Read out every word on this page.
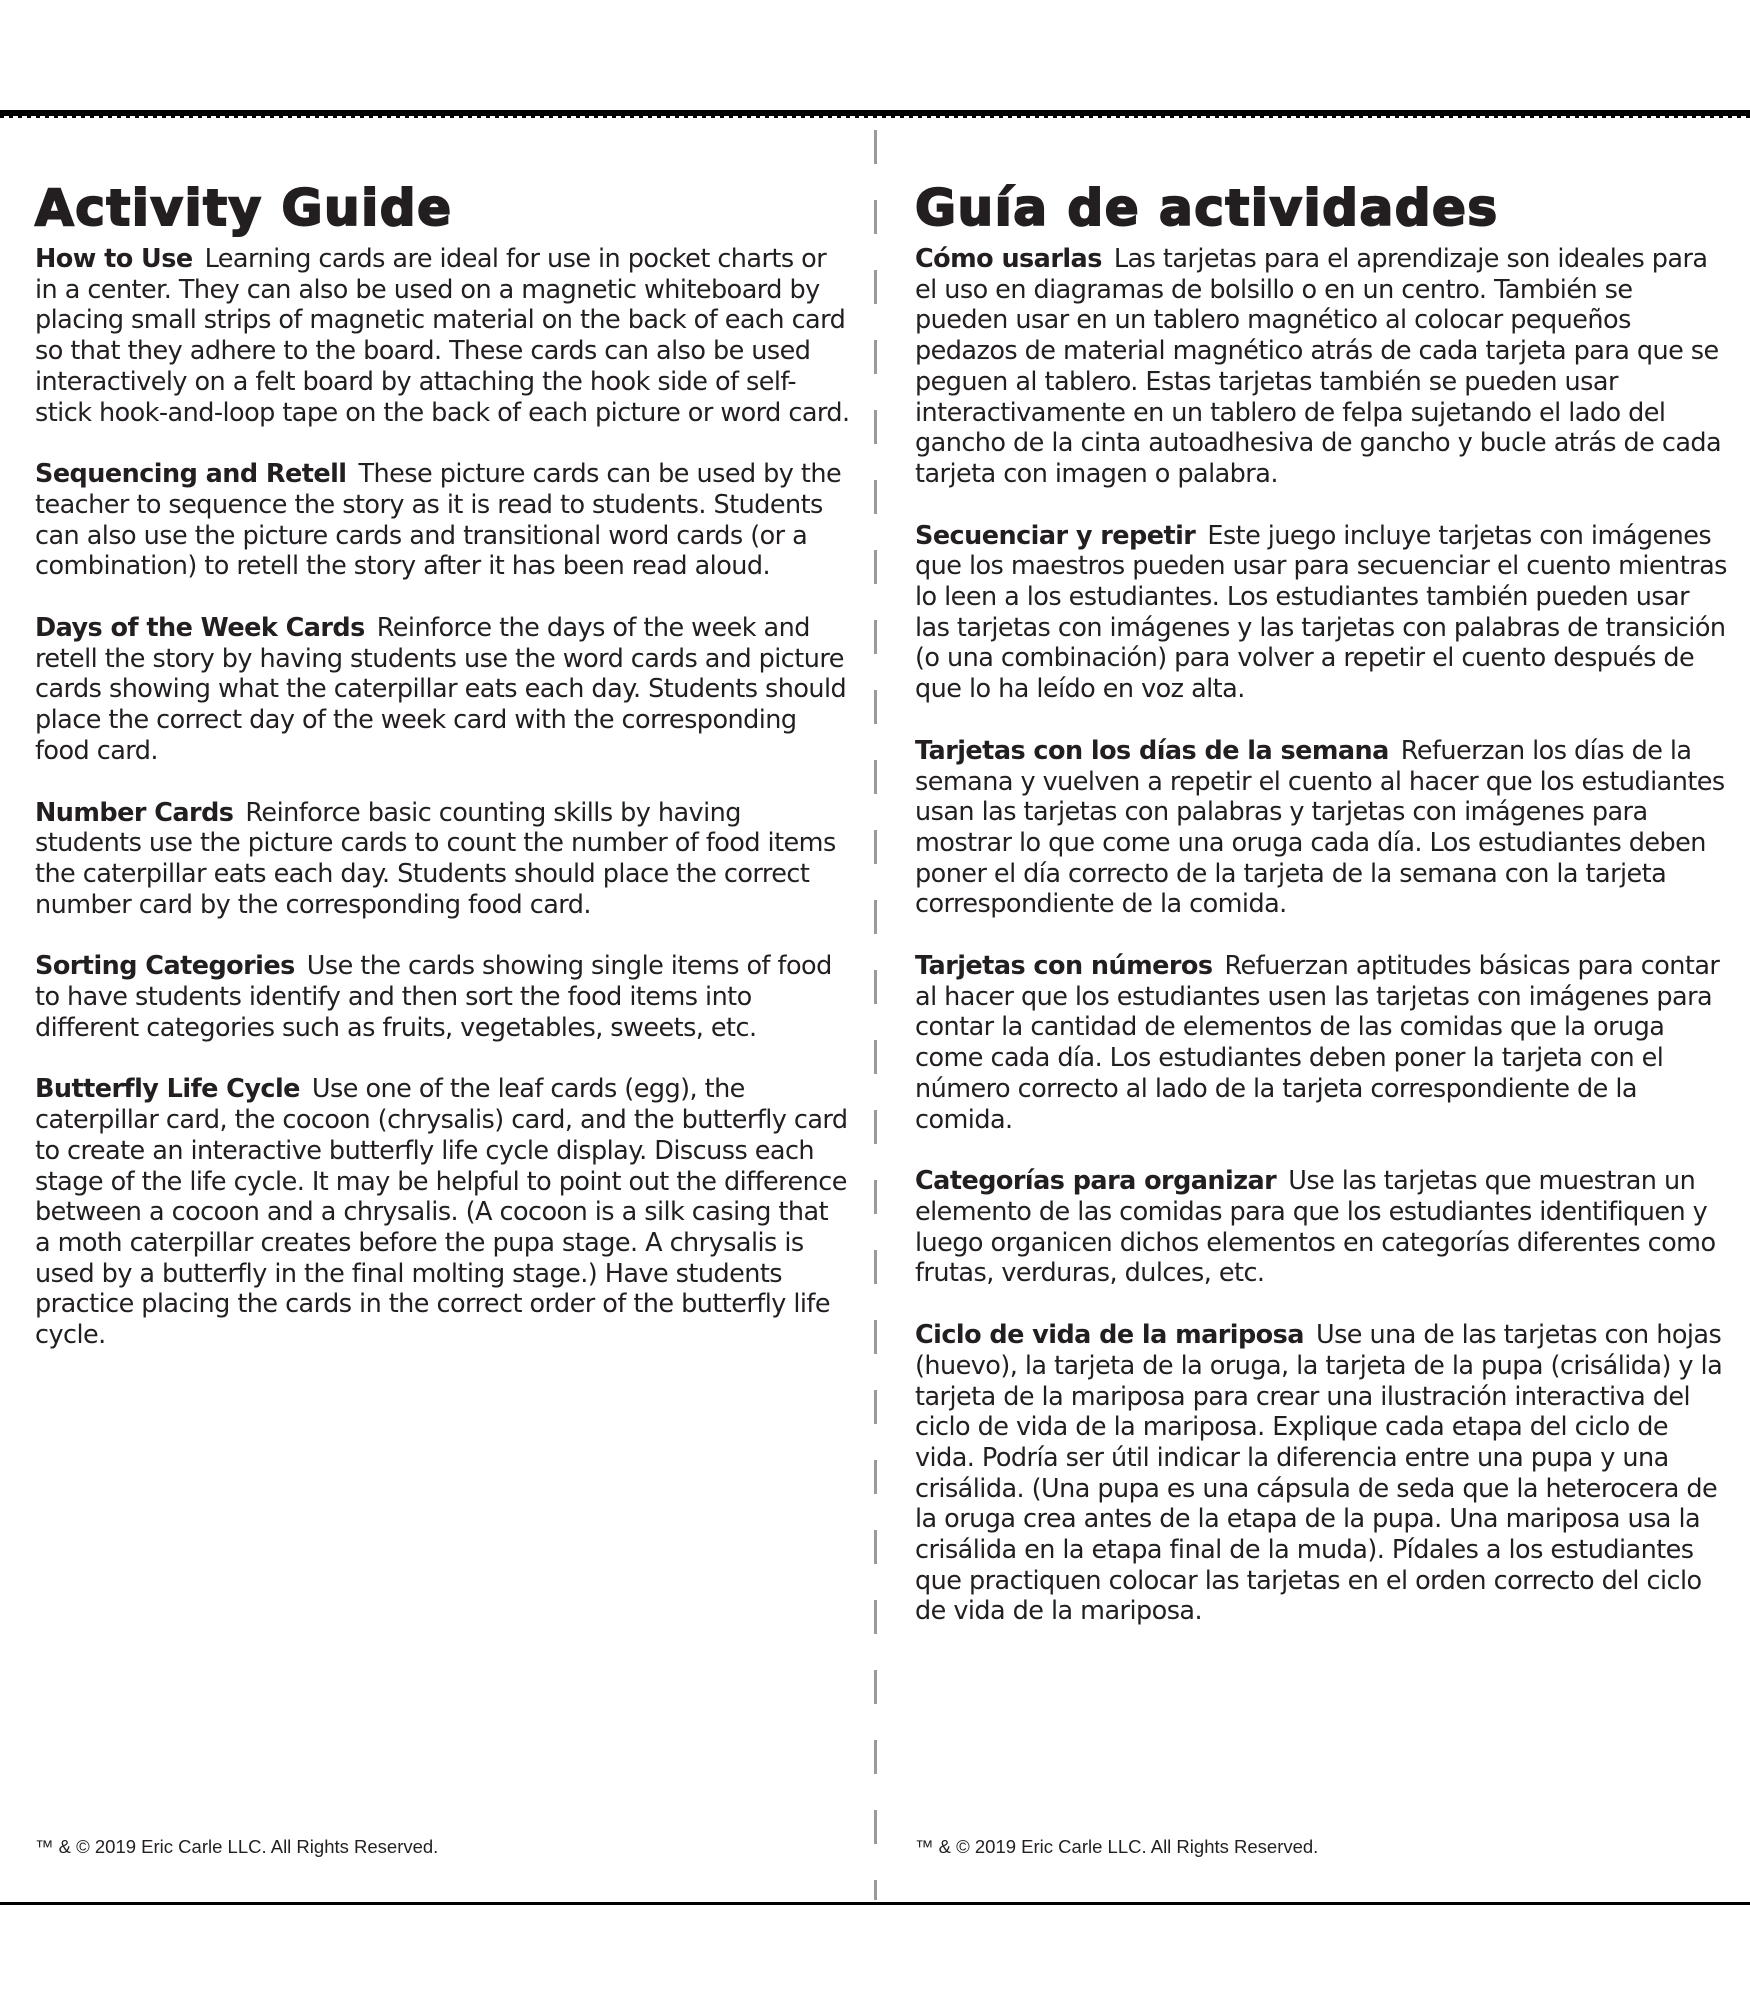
Activity Guide

How to Use Learning cards are ideal for use in pocket charts or in a center. They can also be used on a magnetic whiteboard by placing small strips of magnetic material on the back of each card so that they adhere to the board. These cards can also be used interactively on a felt board by attaching the hook side of self-stick hook-and-loop tape on the back of each picture or word card.

Sequencing and Retell These picture cards can be used by the teacher to sequence the story as it is read to students. Students can also use the picture cards and transitional word cards (or a combination) to retell the story after it has been read aloud.

Days of the Week Cards Reinforce the days of the week and retell the story by having students use the word cards and picture cards showing what the caterpillar eats each day. Students should place the correct day of the week card with the corresponding food card.

Number Cards Reinforce basic counting skills by having students use the picture cards to count the number of food items the caterpillar eats each day. Students should place the correct number card by the corresponding food card.

Sorting Categories Use the cards showing single items of food to have students identify and then sort the food items into different categories such as fruits, vegetables, sweets, etc.

Butterfly Life Cycle Use one of the leaf cards (egg), the caterpillar card, the cocoon (chrysalis) card, and the butterfly card to create an interactive butterfly life cycle display. Discuss each stage of the life cycle. It may be helpful to point out the difference between a cocoon and a chrysalis. (A cocoon is a silk casing that a moth caterpillar creates before the pupa stage. A chrysalis is used by a butterfly in the final molting stage.) Have students practice placing the cards in the correct order of the butterfly life cycle.

Guía de actividades

Cómo usarlas Las tarjetas para el aprendizaje son ideales para el uso en diagramas de bolsillo o en un centro. También se pueden usar en un tablero magnético al colocar pequeños pedazos de material magnético atrás de cada tarjeta para que se peguen al tablero. Estas tarjetas también se pueden usar interactivamente en un tablero de felpa sujetando el lado del gancho de la cinta autoadhesiva de gancho y bucle atrás de cada tarjeta con imagen o palabra.

Secuenciar y repetir Este juego incluye tarjetas con imágenes que los maestros pueden usar para secuenciar el cuento mientras lo leen a los estudiantes. Los estudiantes también pueden usar las tarjetas con imágenes y las tarjetas con palabras de transición (o una combinación) para volver a repetir el cuento después de que lo ha leído en voz alta.

Tarjetas con los días de la semana Refuerzan los días de la semana y vuelven a repetir el cuento al hacer que los estudiantes usan las tarjetas con palabras y tarjetas con imágenes para mostrar lo que come una oruga cada día. Los estudiantes deben poner el día correcto de la tarjeta de la semana con la tarjeta correspondiente de la comida.

Tarjetas con números Refuerzan aptitudes básicas para contar al hacer que los estudiantes usen las tarjetas con imágenes para contar la cantidad de elementos de las comidas que la oruga come cada día. Los estudiantes deben poner la tarjeta con el número correcto al lado de la tarjeta correspondiente de la comida.

Categorías para organizar Use las tarjetas que muestran un elemento de las comidas para que los estudiantes identifiquen y luego organicen dichos elementos en categorías diferentes como frutas, verduras, dulces, etc.

Ciclo de vida de la mariposa Use una de las tarjetas con hojas (huevo), la tarjeta de la oruga, la tarjeta de la pupa (crisálida) y la tarjeta de la mariposa para crear una ilustración interactiva del ciclo de vida de la mariposa. Explique cada etapa del ciclo de vida. Podría ser útil indicar la diferencia entre una pupa y una crisálida. (Una pupa es una cápsula de seda que la heterocera de la oruga crea antes de la etapa de la pupa. Una mariposa usa la crisálida en la etapa final de la muda). Pídales a los estudiantes que practiquen colocar las tarjetas en el orden correcto del ciclo de vida de la mariposa.

™ & © 2019 Eric Carle LLC. All Rights Reserved.	™ & © 2019 Eric Carle LLC. All Rights Reserved.
